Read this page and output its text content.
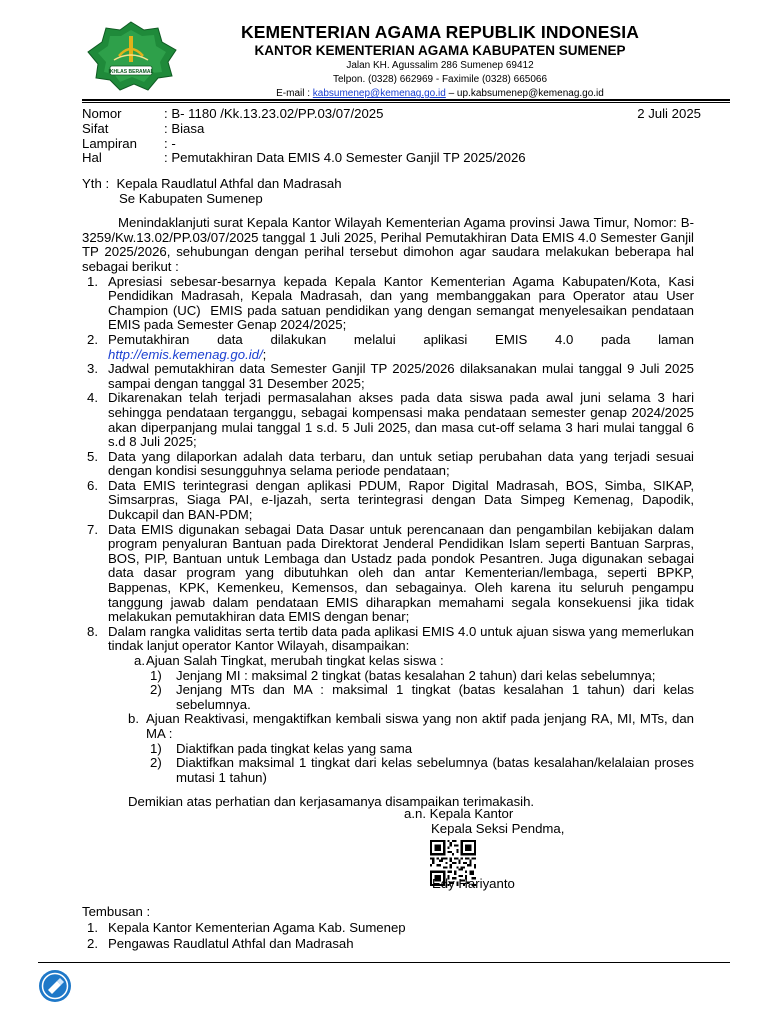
IKHLAS BERAMAL
KEMENTERIAN AGAMA REPUBLIK INDONESIA
KANTOR KEMENTERIAN AGAMA KABUPATEN SUMENEP
Jalan KH. Agussalim 286 Sumenep 69412
Telpon. (0328) 662969 - Faximile (0328) 665066
E-mail : kabsumenep@kemenag.go.id – up.kabsumenep@kemenag.go.id
Nomor	: B- 1180 /Kk.13.23.02/PP.03/07/2025	2 Juli 2025
Sifat	: Biasa
Lampiran : -
Hal	: Pemutakhiran Data EMIS 4.0 Semester Ganjil TP 2025/2026
Yth :  Kepala Raudlatul Athfal dan Madrasah
Se Kabupaten Sumenep
Menindaklanjuti surat Kepala Kantor Wilayah Kementerian Agama provinsi Jawa Timur, Nomor: B-3259/Kw.13.02/PP.03/07/2025 tanggal 1 Juli 2025, Perihal Pemutakhiran Data EMIS 4.0 Semester Ganjil TP 2025/2026, sehubungan dengan perihal tersebut dimohon agar saudara melakukan beberapa hal sebagai berikut :
1. Apresiasi sebesar-besarnya kepada Kepala Kantor Kementerian Agama Kabupaten/Kota, Kasi Pendidikan Madrasah, Kepala Madrasah, dan yang membanggakan para Operator atau User Champion (UC)  EMIS pada satuan pendidikan yang dengan semangat menyelesaikan pendataan EMIS pada Semester Genap 2024/2025;
2. Pemutakhiran data dilakukan melalui aplikasi EMIS 4.0 pada laman
http://emis.kemenag.go.id/;
3. Jadwal pemutakhiran data Semester Ganjil TP 2025/2026 dilaksanakan mulai tanggal 9 Juli 2025 sampai dengan tanggal 31 Desember 2025;
4. Dikarenakan telah terjadi permasalahan akses pada data siswa pada awal juni selama 3 hari sehingga pendataan terganggu, sebagai kompensasi maka pendataan semester genap 2024/2025 akan diperpanjang mulai tanggal 1 s.d. 5 Juli 2025, dan masa cut-off selama 3 hari mulai tanggal 6 s.d 8 Juli 2025;
5. Data yang dilaporkan adalah data terbaru, dan untuk setiap perubahan data yang terjadi sesuai dengan kondisi sesungguhnya selama periode pendataan;
6. Data EMIS terintegrasi dengan aplikasi PDUM, Rapor Digital Madrasah, BOS, Simba, SIKAP, Simsarpras, Siaga PAI, e-Ijazah, serta terintegrasi dengan Data Simpeg Kemenag, Dapodik, Dukcapil dan BAN-PDM;
7. Data EMIS digunakan sebagai Data Dasar untuk perencanaan dan pengambilan kebijakan dalam program penyaluran Bantuan pada Direktorat Jenderal Pendidikan Islam seperti Bantuan Sarpras, BOS, PIP, Bantuan untuk Lembaga dan Ustadz pada pondok Pesantren. Juga digunakan sebagai data dasar program yang dibutuhkan oleh dan antar Kementerian/lembaga, seperti BPKP, Bappenas, KPK, Kemenkeu, Kemensos, dan sebagainya. Oleh karena itu seluruh pengampu tanggung jawab dalam pendataan EMIS diharapkan memahami segala konsekuensi jika tidak melakukan pemutakhiran data EMIS dengan benar;
8. Dalam rangka validitas serta tertib data pada aplikasi EMIS 4.0 untuk ajuan siswa yang memerlukan tindak lanjut operator Kantor Wilayah, disampaikan:
a. Ajuan Salah Tingkat, merubah tingkat kelas siswa :
1) Jenjang MI : maksimal 2 tingkat (batas kesalahan 2 tahun) dari kelas sebelumnya;
2) Jenjang MTs dan MA : maksimal 1 tingkat (batas kesalahan 1 tahun) dari kelas sebelumnya.
b. Ajuan Reaktivasi, mengaktifkan kembali siswa yang non aktif pada jenjang RA, MI, MTs, dan MA :
1) Diaktifkan pada tingkat kelas yang sama
2) Diaktifkan maksimal 1 tingkat dari kelas sebelumnya (batas kesalahan/kelalaian proses mutasi 1 tahun)
Demikian atas perhatian dan kerjasamanya disampaikan terimakasih.
a.n. Kepala Kantor
Kepala Seksi Pendma,
Edy Hariyanto
Tembusan :
1. Kepala Kantor Kementerian Agama Kab. Sumenep
2. Pengawas Raudlatul Athfal dan Madrasah
